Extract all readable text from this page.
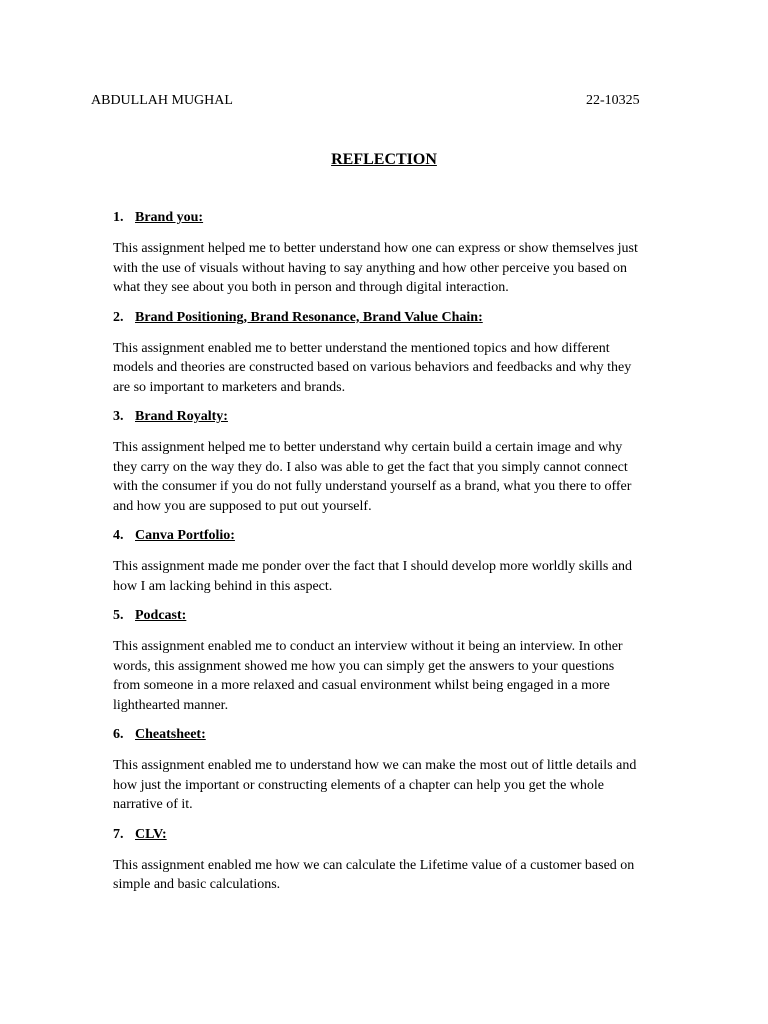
ABDULLAH MUGHAL	22-10325
REFLECTION
1. Brand you:
This assignment helped me to better understand how one can express or show themselves just
with the use of visuals without having to say anything and how other perceive you based on
what they see about you both in person and through digital interaction.
2. Brand Positioning, Brand Resonance, Brand Value Chain:
This assignment enabled me to better understand the mentioned topics and how different
models and theories are constructed based on various behaviors and feedbacks and why they
are so important to marketers and brands.
3. Brand Royalty:
This assignment helped me to better understand why certain build a certain image and why
they carry on the way they do. I also was able to get the fact that you simply cannot connect
with the consumer if you do not fully understand yourself as a brand, what you there to offer
and how you are supposed to put out yourself.
4. Canva Portfolio:
This assignment made me ponder over the fact that I should develop more worldly skills and
how I am lacking behind in this aspect.
5. Podcast:
This assignment enabled me to conduct an interview without it being an interview. In other
words, this assignment showed me how you can simply get the answers to your questions
from someone in a more relaxed and casual environment whilst being engaged in a more
lighthearted manner.
6. Cheatsheet:
This assignment enabled me to understand how we can make the most out of little details and
how just the important or constructing elements of a chapter can help you get the whole
narrative of it.
7. CLV:
This assignment enabled me how we can calculate the Lifetime value of a customer based on
simple and basic calculations.
